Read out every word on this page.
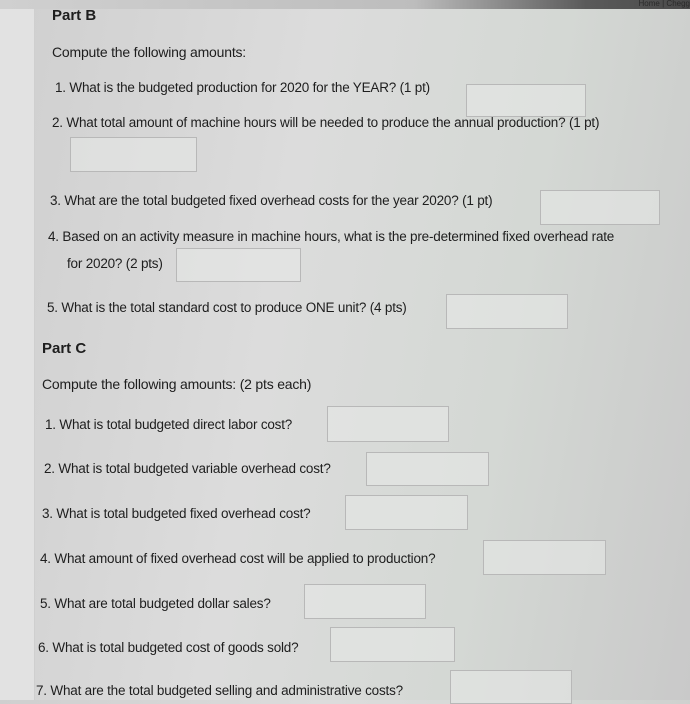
Home | Chegg
Part B
Compute the following amounts:
1. What is the budgeted production for 2020 for the YEAR? (1 pt)
2. What total amount of machine hours will be needed to produce the annual production? (1 pt)
3. What are the total budgeted fixed overhead costs for the year 2020? (1 pt)
4. Based on an activity measure in machine hours, what is the pre-determined fixed overhead rate
for 2020? (2 pts)
5. What is the total standard cost to produce ONE unit? (4 pts)
Part C
Compute the following amounts: (2 pts each)
1. What is total budgeted direct labor cost?
2. What is total budgeted variable overhead cost?
3. What is total budgeted fixed overhead cost?
4. What amount of fixed overhead cost will be applied to production?
5. What are total budgeted dollar sales?
6. What is total budgeted cost of goods sold?
7. What are the total budgeted selling and administrative costs?
